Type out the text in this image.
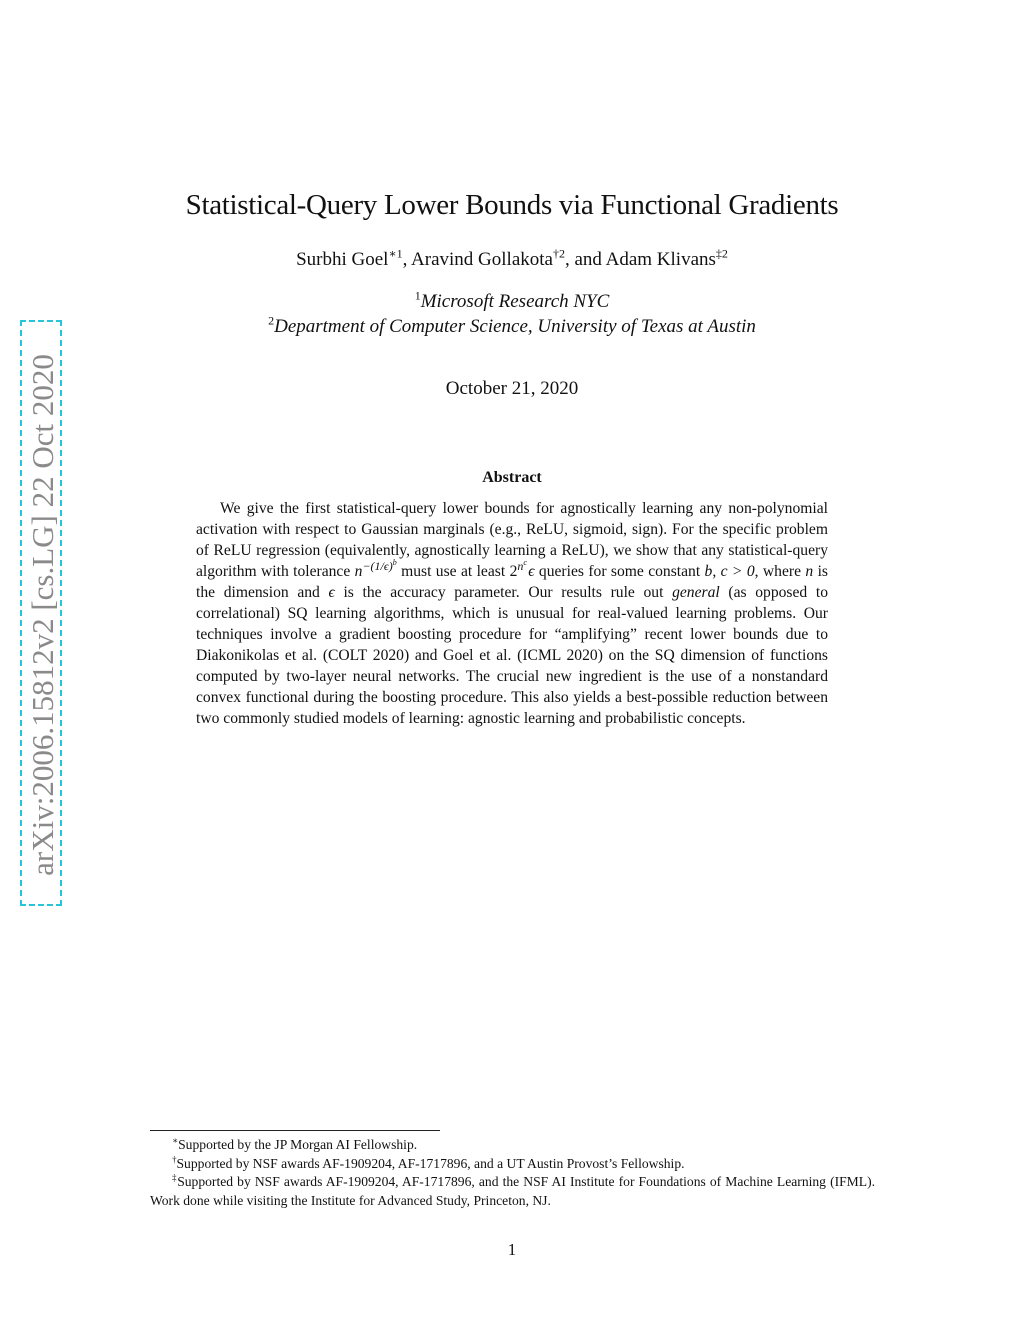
arXiv:2006.15812v2 [cs.LG] 22 Oct 2020
Statistical-Query Lower Bounds via Functional Gradients
Surbhi Goel$^{∗1}$, Aravind Gollakota$^{\dagger 2}$, and Adam Klivans$^{\ddagger 2}$
$^1$Microsoft Research NYC
$^2$Department of Computer Science, University of Texas at Austin
October 21, 2020
Abstract
We give the first statistical-query lower bounds for agnostically learning any non-polynomial activation with respect to Gaussian marginals (e.g., ReLU, sigmoid, sign). For the specific problem of ReLU regression (equivalently, agnostically learning a ReLU), we show that any statistical-query algorithm with tolerance $n^{-(1/\epsilon)^b}$ must use at least $2^{n^c}$ ϵ queries for some constant b, c > 0, where n is the dimension and ϵ is the accuracy parameter. Our results rule out general (as opposed to correlational) SQ learning algorithms, which is unusual for real-valued learning problems. Our techniques involve a gradient boosting procedure for “amplifying” recent lower bounds due to Diakonikolas et al. (COLT 2020) and Goel et al. (ICML 2020) on the SQ dimension of functions computed by two-layer neural networks. The crucial new ingredient is the use of a nonstandard convex functional during the boosting procedure. This also yields a best-possible reduction between two commonly studied models of learning: agnostic learning and probabilistic concepts.
∗Supported by the JP Morgan AI Fellowship.
†Supported by NSF awards AF-1909204, AF-1717896, and a UT Austin Provost’s Fellowship.
‡Supported by NSF awards AF-1909204, AF-1717896, and the NSF AI Institute for Foundations of Machine Learning (IFML). Work done while visiting the Institute for Advanced Study, Princeton, NJ.
1
